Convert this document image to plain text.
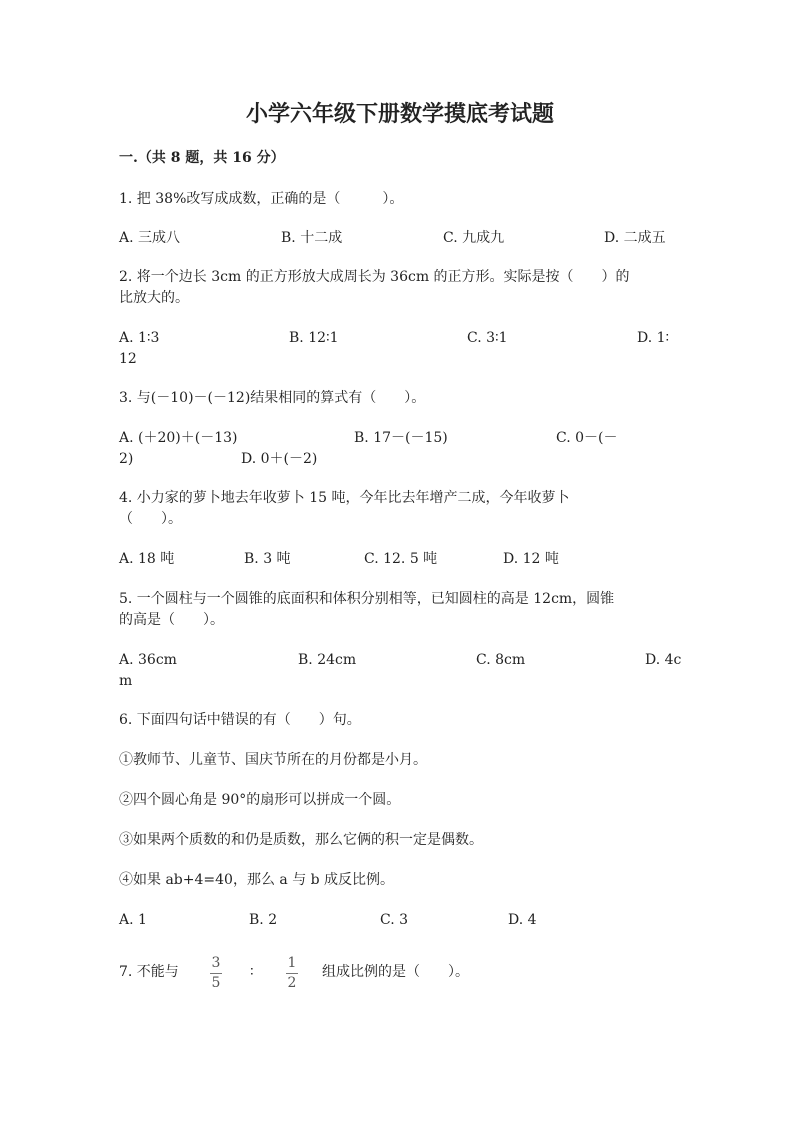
小学六年级下册数学摸底考试题
一.（共 8 题，共 16 分）
1. 把 38%改写成成数，正确的是（　　　）。
A. 三成八	B. 十二成	C. 九成九	D. 二成五
2. 将一个边长 3cm 的正方形放大成周长为 36cm 的正方形。实际是按（　　）的
比放大的。
A. 1∶3	B. 12∶1	C. 3∶1	D. 1∶
12
3. 与(－10)－(－12)结果相同的算式有（　　）。
A. (＋20)＋(－13)	B. 17－(－15)	C. 0－(－
2)	D. 0＋(－2)
4. 小力家的萝卜地去年收萝卜 15 吨，今年比去年增产二成，今年收萝卜
（　　）。
A. 18 吨	B. 3 吨	C. 12. 5 吨	D. 12 吨
5. 一个圆柱与一个圆锥的底面积和体积分别相等，已知圆柱的高是 12cm，圆锥
的高是（　　）。
A. 36cm	B. 24cm	C. 8cm	D. 4c
m
6. 下面四句话中错误的有（　　）句。
①教师节、儿童节、国庆节所在的月份都是小月。
②四个圆心角是 90°的扇形可以拼成一个圆。
③如果两个质数的和仍是质数，那么它俩的积一定是偶数。
④如果 ab+4=40，那么 a 与 b 成反比例。
A. 1	B. 2	C. 3	D. 4
7. 不能与
3
5
∶
1
2
组成比例的是（　　）。
